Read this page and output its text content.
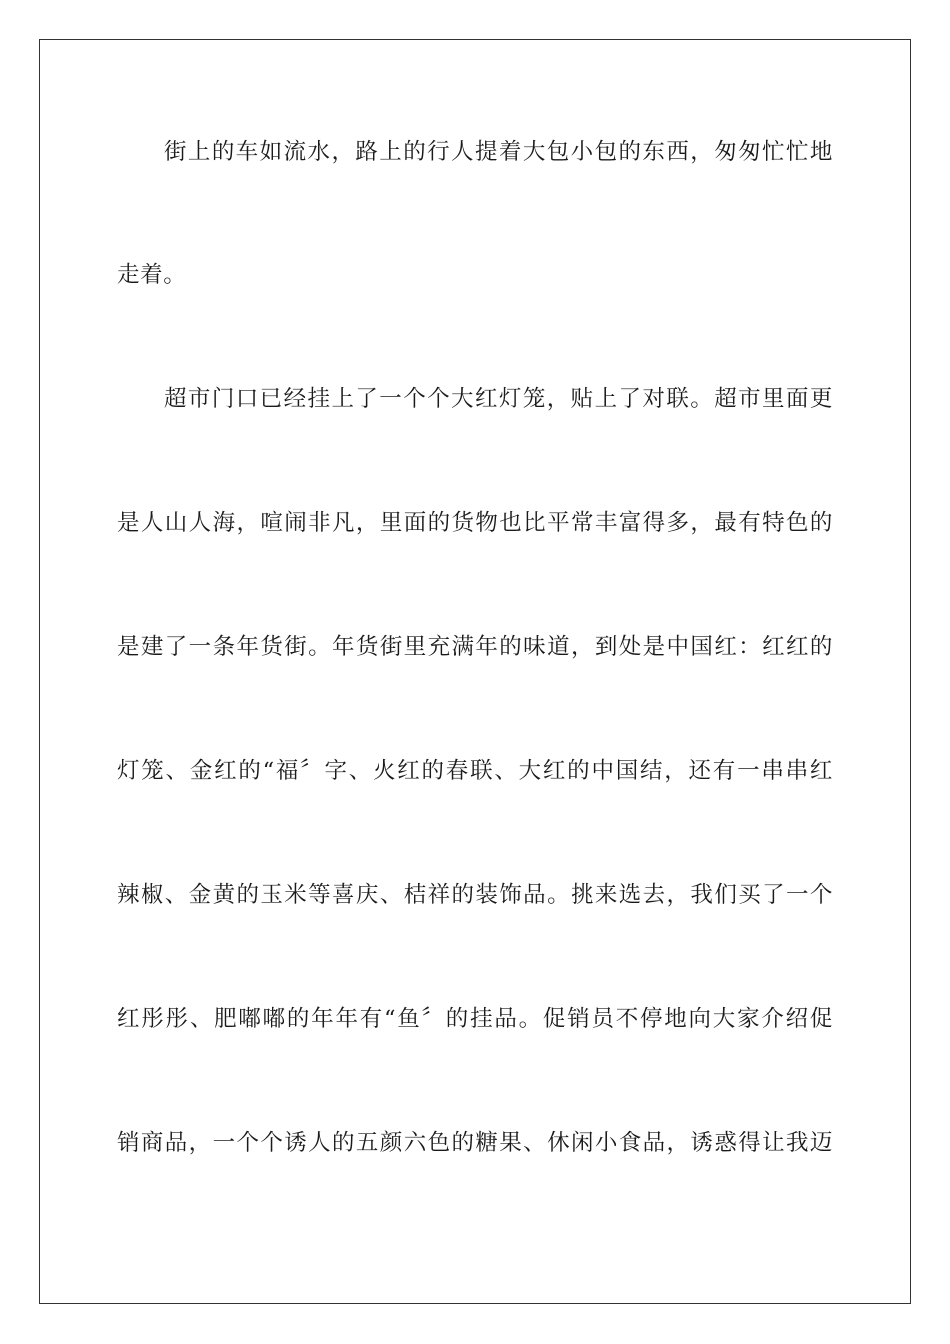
街上的车如流水，路上的行人提着大包小包的东西，匆匆忙忙地
走着。
超市门口已经挂上了一个个大红灯笼，贴上了对联。超市里面更
是人山人海，喧闹非凡，里面的货物也比平常丰富得多，最有特色的
是建了一条年货街。年货街里充满年的味道，到处是中国红：红红的
灯笼、金红的“福〞字、火红的春联、大红的中国结，还有一串串红
辣椒、金黄的玉米等喜庆、桔祥的装饰品。挑来选去，我们买了一个
红彤彤、肥嘟嘟的年年有“鱼〞的挂品。促销员不停地向大家介绍促
销商品，一个个诱人的五颜六色的糖果、休闲小食品，诱惑得让我迈
